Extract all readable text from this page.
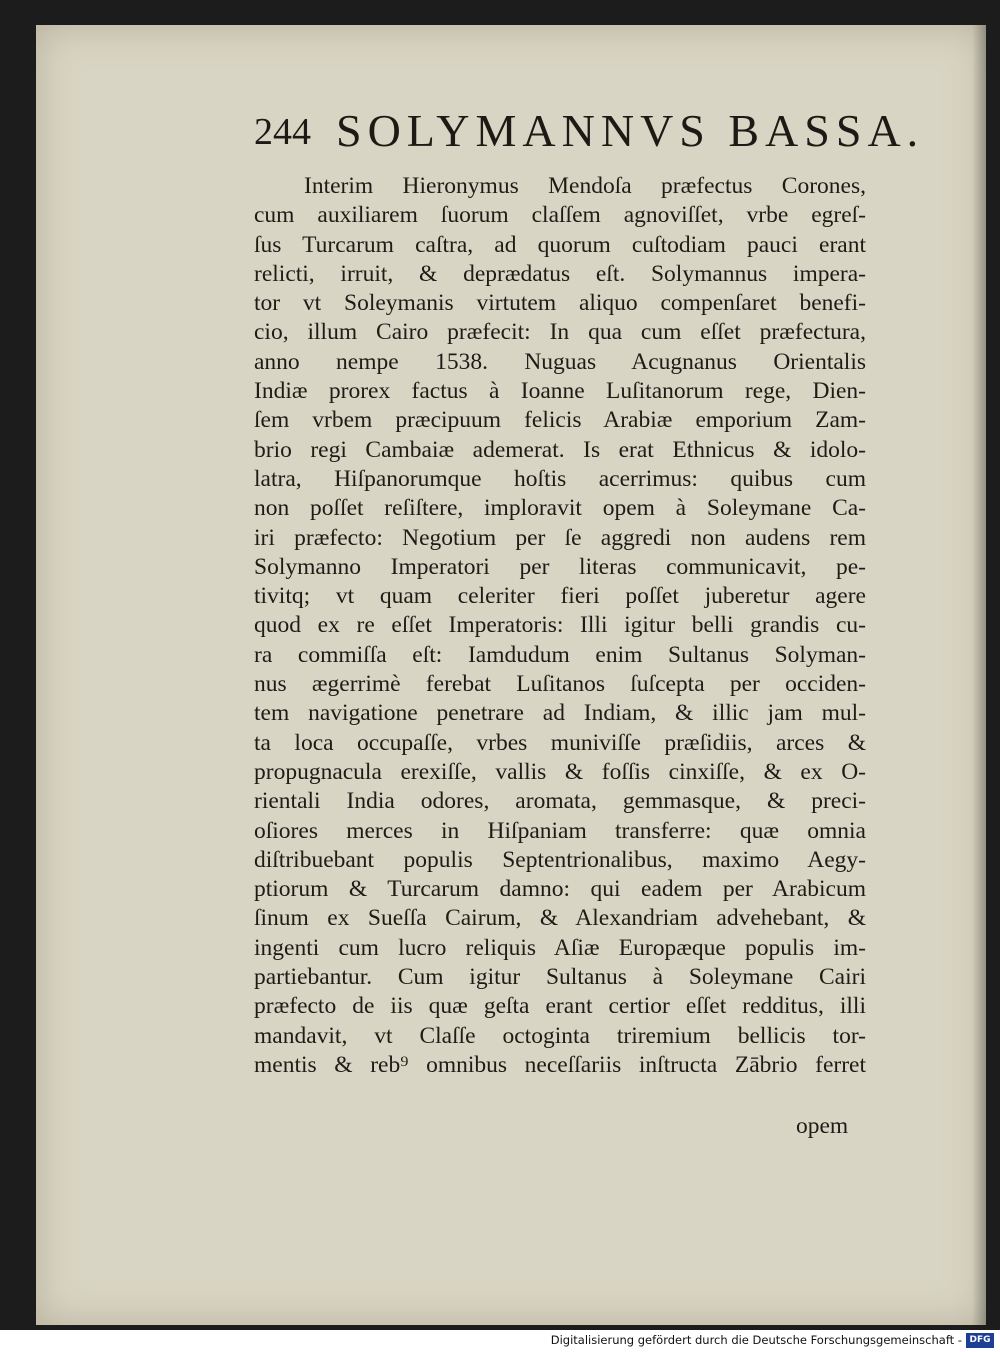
244 SOLYMANNVS BASSA.
Interim Hieronymus Mendoſa præfectus Corones,
cum auxiliarem ſuorum claſſem agnoviſſet, vrbe egreſ-
ſus Turcarum caſtra, ad quorum cuſtodiam pauci erant
relicti, irruit, & deprædatus eſt. Solymannus impera-
tor vt Soleymanis virtutem aliquo compenſaret benefi-
cio, illum Cairo præfecit: In qua cum eſſet præfectura,
anno nempe 1538. Nuguas Acugnanus Orientalis
Indiæ prorex factus à Ioanne Luſitanorum rege, Dien-
ſem vrbem præcipuum felicis Arabiæ emporium Zam-
brio regi Cambaiæ ademerat. Is erat Ethnicus & idolo-
latra, Hiſpanorumque hoſtis acerrimus: quibus cum
non poſſet reſiſtere, imploravit opem à Soleymane Ca-
iri præfecto: Negotium per ſe aggredi non audens rem
Solymanno Imperatori per literas communicavit, pe-
tivitq; vt quam celeriter fieri poſſet juberetur agere
quod ex re eſſet Imperatoris: Illi igitur belli grandis cu-
ra commiſſa eſt: Iamdudum enim Sultanus Solyman-
nus ægerrimè ferebat Luſitanos ſuſcepta per occiden-
tem navigatione penetrare ad Indiam, & illic jam mul-
ta loca occupaſſe, vrbes muniviſſe præſidiis, arces &
propugnacula erexiſſe, vallis & foſſis cinxiſſe, & ex O-
rientali India odores, aromata, gemmasque, & preci-
oſiores merces in Hiſpaniam transferre: quæ omnia
diſtribuebant populis Septentrionalibus, maximo Aegy-
ptiorum & Turcarum damno: qui eadem per Arabicum
ſinum ex Sueſſa Cairum, & Alexandriam advehebant, &
ingenti cum lucro reliquis Aſiæ Europæque populis im-
partiebantur. Cum igitur Sultanus à Soleymane Cairi
præfecto de iis quæ geſta erant certior eſſet redditus, illi
mandavit, vt Claſſe octoginta triremium bellicis tor-
mentis & reb⁹ omnibus neceſſariis inſtructa Zābrio ferret
opem
Digitalisierung gefördert durch die Deutsche Forschungsgemeinschaft - DFG
